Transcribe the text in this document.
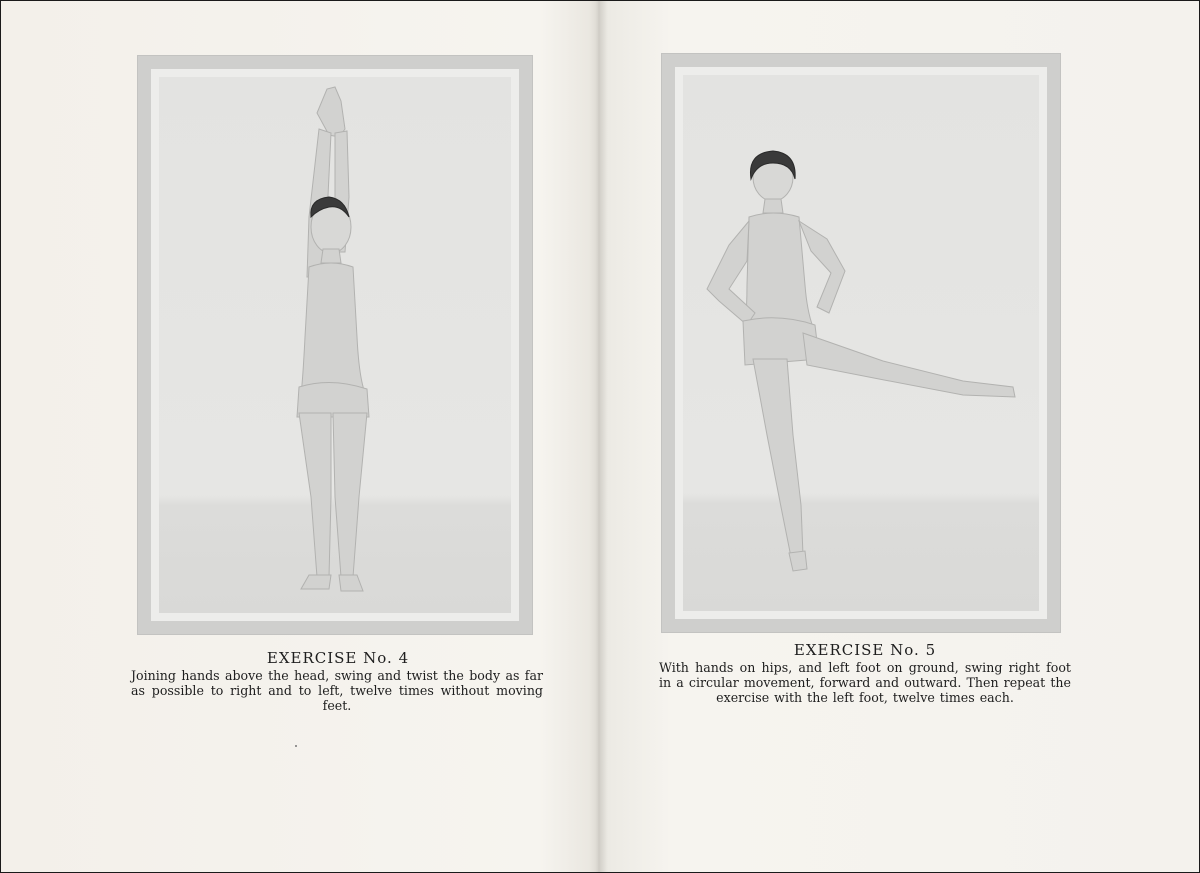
EXERCISE No. 4
Joining hands above the head, swing and twist the body as far as possible to right and to left, twelve times without moving feet.
EXERCISE No. 5
With hands on hips, and left foot on ground, swing right foot in a circular movement, forward and outward. Then repeat the exercise with the left foot, twelve times each.
